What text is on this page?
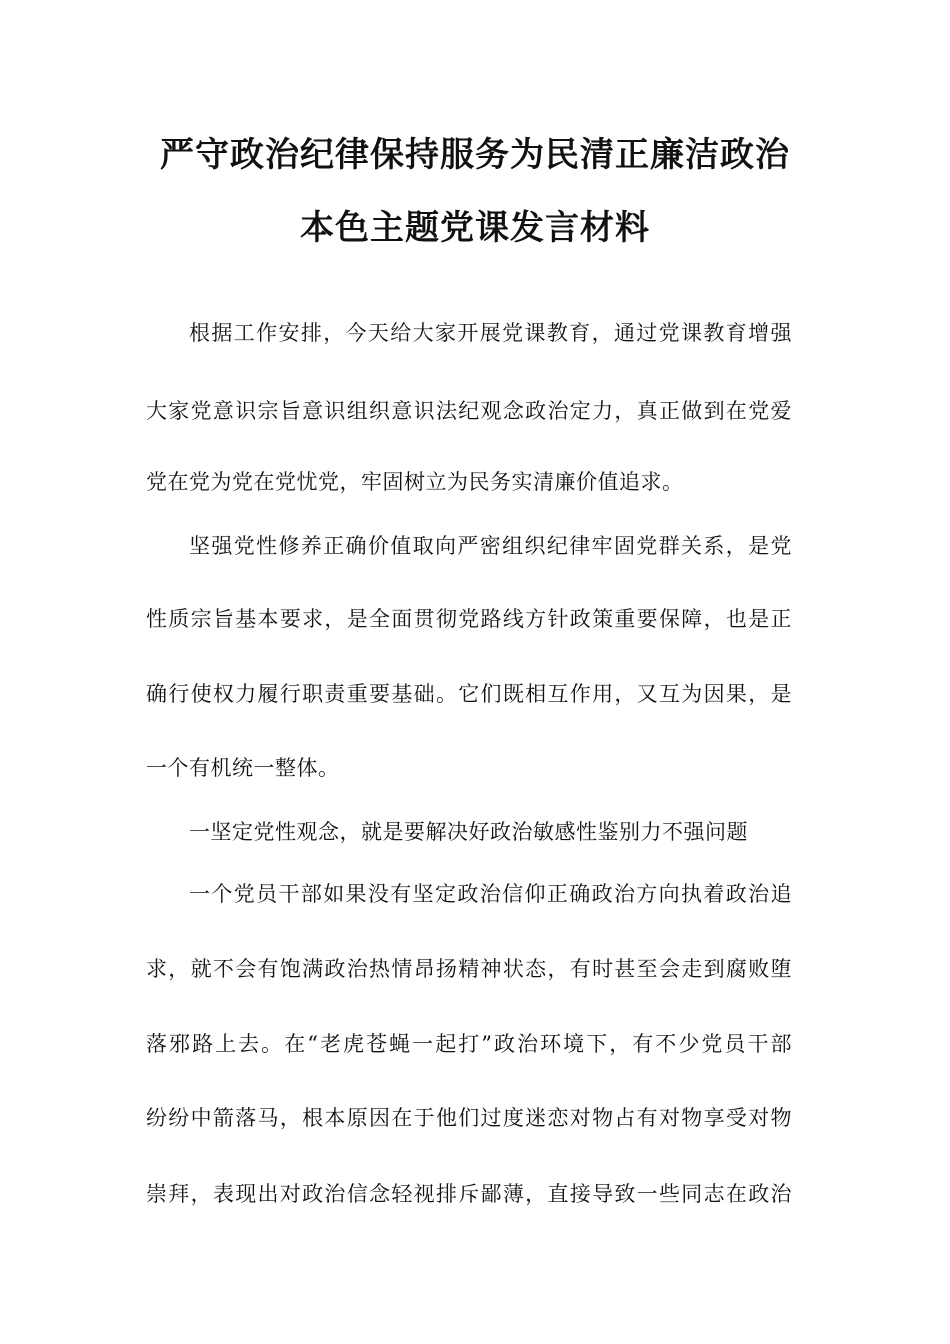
严守政治纪律保持服务为民清正廉洁政治
本色主题党课发言材料
根据工作安排，今天给大家开展党课教育，通过党课教育增强
大家党意识宗旨意识组织意识法纪观念政治定力，真正做到在党爱
党在党为党在党忧党，牢固树立为民务实清廉价值追求。
坚强党性修养正确价值取向严密组织纪律牢固党群关系，是党
性质宗旨基本要求，是全面贯彻党路线方针政策重要保障，也是正
确行使权力履行职责重要基础。它们既相互作用，又互为因果，是
一个有机统一整体。
一坚定党性观念，就是要解决好政治敏感性鉴别力不强问题
一个党员干部如果没有坚定政治信仰正确政治方向执着政治追
求，就不会有饱满政治热情昂扬精神状态，有时甚至会走到腐败堕
落邪路上去。在“老虎苍蝇一起打”政治环境下，有不少党员干部
纷纷中箭落马，根本原因在于他们过度迷恋对物占有对物享受对物
崇拜，表现出对政治信念轻视排斥鄙薄，直接导致一些同志在政治
